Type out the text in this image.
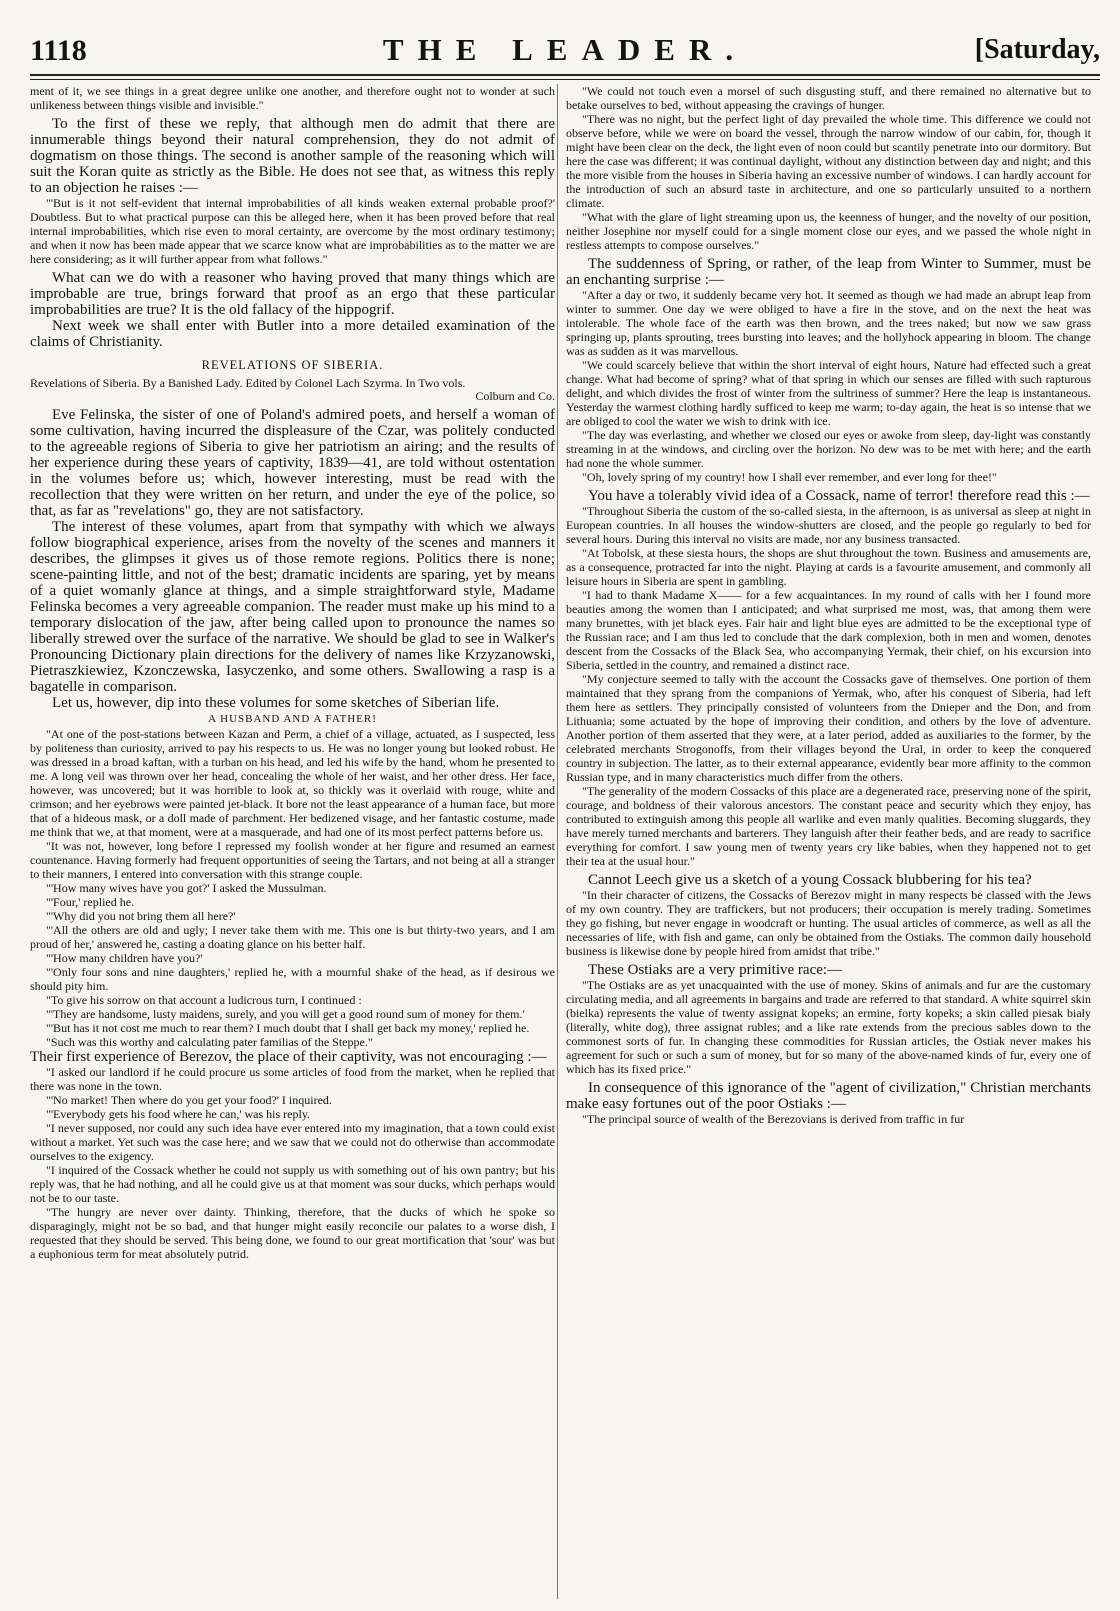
1118	THE LEADER.	[Saturday,

ment of it, we see things in a great degree unlike one another, and therefore ought not to wonder at such unlikeness between things visible and invisible."

To the first of these we reply, that although men do admit that there are innumerable things beyond their natural comprehension, they do not admit of dogmatism on those things. The second is another sample of the reasoning which will suit the Koran quite as strictly as the Bible. He does not see that, as witness this reply to an objection he raises :—

"'But is it not self-evident that internal improbabilities of all kinds weaken external probable proof?' Doubtless. But to what practical purpose can this be alleged here, when it has been proved before that real internal improbabilities, which rise even to moral certainty, are overcome by the most ordinary testimony; and when it now has been made appear that we scarce know what are improbabilities as to the matter we are here considering; as it will further appear from what follows."

What can we do with a reasoner who having proved that many things which are improbable are true, brings forward that proof as an ergo that these particular improbabilities are true? It is the old fallacy of the hippogrif.

Next week we shall enter with Butler into a more detailed examination of the claims of Christianity.

REVELATIONS OF SIBERIA.
Revelations of Siberia. By a Banished Lady. Edited by Colonel Lach Szyrma. In Two vols.
Colburn and Co.

Eve Felinska, the sister of one of Poland's admired poets, and herself a woman of some cultivation, having incurred the displeasure of the Czar, was politely conducted to the agreeable regions of Siberia to give her patriotism an airing; and the results of her experience during these years of captivity, 1839—41, are told without ostentation in the volumes before us; which, however interesting, must be read with the recollection that they were written on her return, and under the eye of the police, so that, as far as "revelations" go, they are not satisfactory.

The interest of these volumes, apart from that sympathy with which we always follow biographical experience, arises from the novelty of the scenes and manners it describes, the glimpses it gives us of those remote regions. Politics there is none; scene-painting little, and not of the best; dramatic incidents are sparing, yet by means of a quiet womanly glance at things, and a simple straightforward style, Madame Felinska becomes a very agreeable companion. The reader must make up his mind to a temporary dislocation of the jaw, after being called upon to pronounce the names so liberally strewed over the surface of the narrative. We should be glad to see in Walker's Pronouncing Dictionary plain directions for the delivery of names like Krzyzanowski, Pietraszkiewiez, Kzonczewska, Iasyczenko, and some others. Swallowing a rasp is a bagatelle in comparison.

Let us, however, dip into these volumes for some sketches of Siberian life.

A HUSBAND AND A FATHER!

"At one of the post-stations between Kazan and Perm, a chief of a village, actuated, as I suspected, less by politeness than curiosity, arrived to pay his respects to us. He was no longer young but looked robust. He was dressed in a broad kaftan, with a turban on his head, and led his wife by the hand, whom he presented to me. A long veil was thrown over her head, concealing the whole of her waist, and her other dress. Her face, however, was uncovered; but it was horrible to look at, so thickly was it overlaid with rouge, white and crimson; and her eyebrows were painted jet-black. It bore not the least appearance of a human face, but more that of a hideous mask, or a doll made of parchment. Her bedizened visage, and her fantastic costume, made me think that we, at that moment, were at a masquerade, and had one of its most perfect patterns before us.

"It was not, however, long before I repressed my foolish wonder at her figure and resumed an earnest countenance. Having formerly had frequent opportunities of seeing the Tartars, and not being at all a stranger to their manners, I entered into conversation with this strange couple.

"'How many wives have you got?' I asked the Mussulman.

"'Four,' replied he.

"'Why did you not bring them all here?'

"'All the others are old and ugly; I never take them with me. This one is but thirty-two years, and I am proud of her,' answered he, casting a doating glance on his better half.

"'How many children have you?'

"'Only four sons and nine daughters,' replied he, with a mournful shake of the head, as if desirous we should pity him.

"To give his sorrow on that account a ludicrous turn, I continued :

"'They are handsome, lusty maidens, surely, and you will get a good round sum of money for them.'

"'But has it not cost me much to rear them? I much doubt that I shall get back my money,' replied he.

"Such was this worthy and calculating pater familias of the Steppe."

Their first experience of Berezov, the place of their captivity, was not encouraging :—

"I asked our landlord if he could procure us some articles of food from the market, when he replied that there was none in the town.

"'No market! Then where do you get your food?' I inquired.

"'Everybody gets his food where he can,' was his reply.

"I never supposed, nor could any such idea have ever entered into my imagination, that a town could exist without a market. Yet such was the case here; and we saw that we could not do otherwise than accommodate ourselves to the exigency.

"I inquired of the Cossack whether he could not supply us with something out of his own pantry; but his reply was, that he had nothing, and all he could give us at that moment was sour ducks, which perhaps would not be to our taste.

"The hungry are never over dainty. Thinking, therefore, that the ducks of which he spoke so disparagingly, might not be so bad, and that hunger might easily reconcile our palates to a worse dish, I requested that they should be served. This being done, we found to our great mortification that 'sour' was but a euphonious term for meat absolutely putrid.

"We could not touch even a morsel of such disgusting stuff, and there remained no alternative but to betake ourselves to bed, without appeasing the cravings of hunger.

"There was no night, but the perfect light of day prevailed the whole time. This difference we could not observe before, while we were on board the vessel, through the narrow window of our cabin, for, though it might have been clear on the deck, the light even of noon could but scantily penetrate into our dormitory. But here the case was different; it was continual daylight, without any distinction between day and night; and this the more visible from the houses in Siberia having an excessive number of windows. I can hardly account for the introduction of such an absurd taste in architecture, and one so particularly unsuited to a northern climate.

"What with the glare of light streaming upon us, the keenness of hunger, and the novelty of our position, neither Josephine nor myself could for a single moment close our eyes, and we passed the whole night in restless attempts to compose ourselves."

The suddenness of Spring, or rather, of the leap from Winter to Summer, must be an enchanting surprise :—

"After a day or two, it suddenly became very hot. It seemed as though we had made an abrupt leap from winter to summer. One day we were obliged to have a fire in the stove, and on the next the heat was intolerable. The whole face of the earth was then brown, and the trees naked; but now we saw grass springing up, plants sprouting, trees bursting into leaves; and the hollyhock appearing in bloom. The change was as sudden as it was marvellous.

"We could scarcely believe that within the short interval of eight hours, Nature had effected such a great change. What had become of spring? what of that spring in which our senses are filled with such rapturous delight, and which divides the frost of winter from the sultriness of summer? Here the leap is instantaneous. Yesterday the warmest clothing hardly sufficed to keep me warm; to-day again, the heat is so intense that we are obliged to cool the water we wish to drink with ice.

"The day was everlasting, and whether we closed our eyes or awoke from sleep, day-light was constantly streaming in at the windows, and circling over the horizon. No dew was to be met with here; and the earth had none the whole summer.

"Oh, lovely spring of my country! how I shall ever remember, and ever long for thee!"

You have a tolerably vivid idea of a Cossack, name of terror! therefore read this :—

"Throughout Siberia the custom of the so-called siesta, in the afternoon, is as universal as sleep at night in European countries. In all houses the window-shutters are closed, and the people go regularly to bed for several hours. During this interval no visits are made, nor any business transacted.

"At Tobolsk, at these siesta hours, the shops are shut throughout the town. Business and amusements are, as a consequence, protracted far into the night. Playing at cards is a favourite amusement, and commonly all leisure hours in Siberia are spent in gambling.

"I had to thank Madame X—— for a few acquaintances. In my round of calls with her I found more beauties among the women than I anticipated; and what surprised me most, was, that among them were many brunettes, with jet black eyes. Fair hair and light blue eyes are admitted to be the exceptional type of the Russian race; and I am thus led to conclude that the dark complexion, both in men and women, denotes descent from the Cossacks of the Black Sea, who accompanying Yermak, their chief, on his excursion into Siberia, settled in the country, and remained a distinct race.

"My conjecture seemed to tally with the account the Cossacks gave of themselves. One portion of them maintained that they sprang from the companions of Yermak, who, after his conquest of Siberia, had left them here as settlers. They principally consisted of volunteers from the Dnieper and the Don, and from Lithuania; some actuated by the hope of improving their condition, and others by the love of adventure. Another portion of them asserted that they were, at a later period, added as auxiliaries to the former, by the celebrated merchants Strogonoffs, from their villages beyond the Ural, in order to keep the conquered country in subjection. The latter, as to their external appearance, evidently bear more affinity to the common Russian type, and in many characteristics much differ from the others.

"The generality of the modern Cossacks of this place are a degenerated race, preserving none of the spirit, courage, and boldness of their valorous ancestors. The constant peace and security which they enjoy, has contributed to extinguish among this people all warlike and even manly qualities. Becoming sluggards, they have merely turned merchants and barterers. They languish after their feather beds, and are ready to sacrifice everything for comfort. I saw young men of twenty years cry like babies, when they happened not to get their tea at the usual hour."

Cannot Leech give us a sketch of a young Cossack blubbering for his tea?

"In their character of citizens, the Cossacks of Berezov might in many respects be classed with the Jews of my own country. They are traffickers, but not producers; their occupation is merely trading. Sometimes they go fishing, but never engage in woodcraft or hunting. The usual articles of commerce, as well as all the necessaries of life, with fish and game, can only be obtained from the Ostiaks. The common daily household business is likewise done by people hired from amidst that tribe."

These Ostiaks are a very primitive race:—

"The Ostiaks are as yet unacquainted with the use of money. Skins of animals and fur are the customary circulating media, and all agreements in bargains and trade are referred to that standard. A white squirrel skin (bielka) represents the value of twenty assignat kopeks; an ermine, forty kopeks; a skin called piesak biały (literally, white dog), three assignat rubles; and a like rate extends from the precious sables down to the commonest sorts of fur. In changing these commodities for Russian articles, the Ostiak never makes his agreement for such or such a sum of money, but for so many of the above-named kinds of fur, every one of which has its fixed price."

In consequence of this ignorance of the "agent of civilization," Christian merchants make easy fortunes out of the poor Ostiaks :—

"The principal source of wealth of the Berezovians is derived from traffic in fur
